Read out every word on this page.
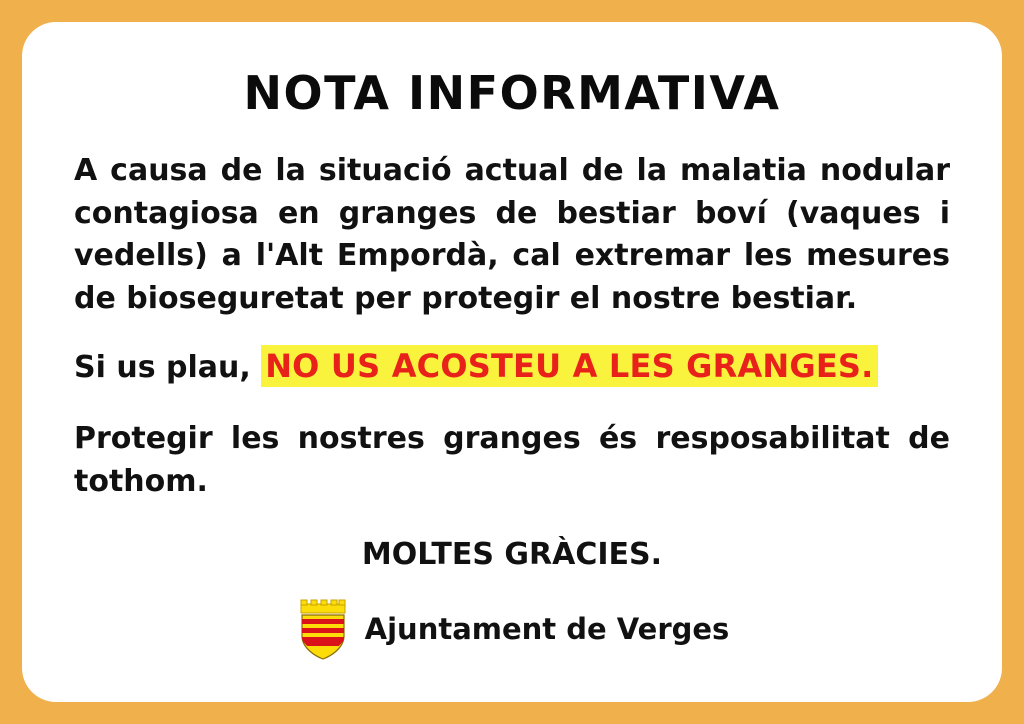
NOTA INFORMATIVA

A causa de la situació actual de la malatia nodular contagiosa en granges de bestiar boví (vaques i vedells) a l'Alt Empordà, cal extremar les mesures de bioseguretat per protegir el nostre bestiar.

Si us plau, NO US ACOSTEU A LES GRANGES.

Protegir les nostres granges és resposabilitat de tothom.

MOLTES GRÀCIES.

Ajuntament de Verges
